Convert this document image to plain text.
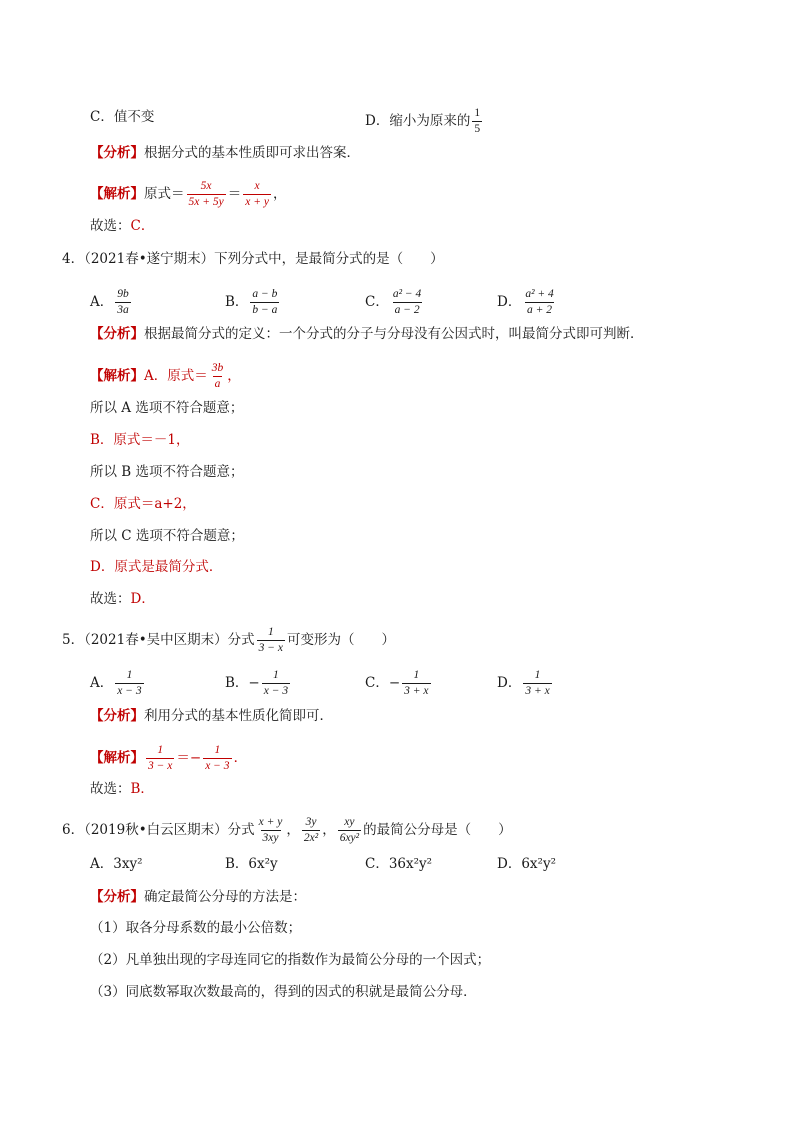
C．值不变	D．缩小为原来的 $\frac{1}{5}$
【分析】根据分式的基本性质即可求出答案．
【解析】原式＝ $\frac{5x}{5x + 5y} = \frac{x}{x + y}$ ，
故选：C．
4．（2021春•遂宁期末）下列分式中，是最简分式的是（　　）
A． $\frac{9b}{3a}$	B． $\frac{a - b}{b - a}$	C． $\frac{\text{a² − 4}}{a - 2}$	D． $\frac{\text{a² + 4}}{a + 2}$
【分析】根据最简分式的定义：一个分式的分子与分母没有公因式时，叫最简分式即可判断．
【解析】A．原式＝ $\frac{3b}{a}$ ，
所以 A 选项不符合题意；
B．原式＝－1，
所以 B 选项不符合题意；
C．原式＝a+2，
所以 C 选项不符合题意；
D．原式是最简分式．
故选：D．
5．（2021春•吴中区期末）分式 $\frac{1}{3 - x}$ 可变形为（　　）
A． $\frac{1}{x - 3}$	B．− $\frac{1}{x - 3}$	C．− $\frac{1}{3 + x}$	D． $\frac{1}{3 + x}$
【分析】利用分式的基本性质化简即可．
【解析】 $\frac{1}{3 - x} =- \frac{1}{x - 3}$ ．
故选：B．
6．（2019秋•白云区期末）分式 $\frac{x + y}{3xy}$ ， $\frac{3y}{\text{2x²}}$ ， $\frac{xy}{\text{6xy²}}$ 的最简公分母是（　　）
A．3xy²	B．6x²y	C．36x²y²	D．6x²y²
【分析】确定最简公分母的方法是：
（1）取各分母系数的最小公倍数；
（2）凡单独出现的字母连同它的指数作为最简公分母的一个因式；
（3）同底数幂取次数最高的，得到的因式的积就是最简公分母．
